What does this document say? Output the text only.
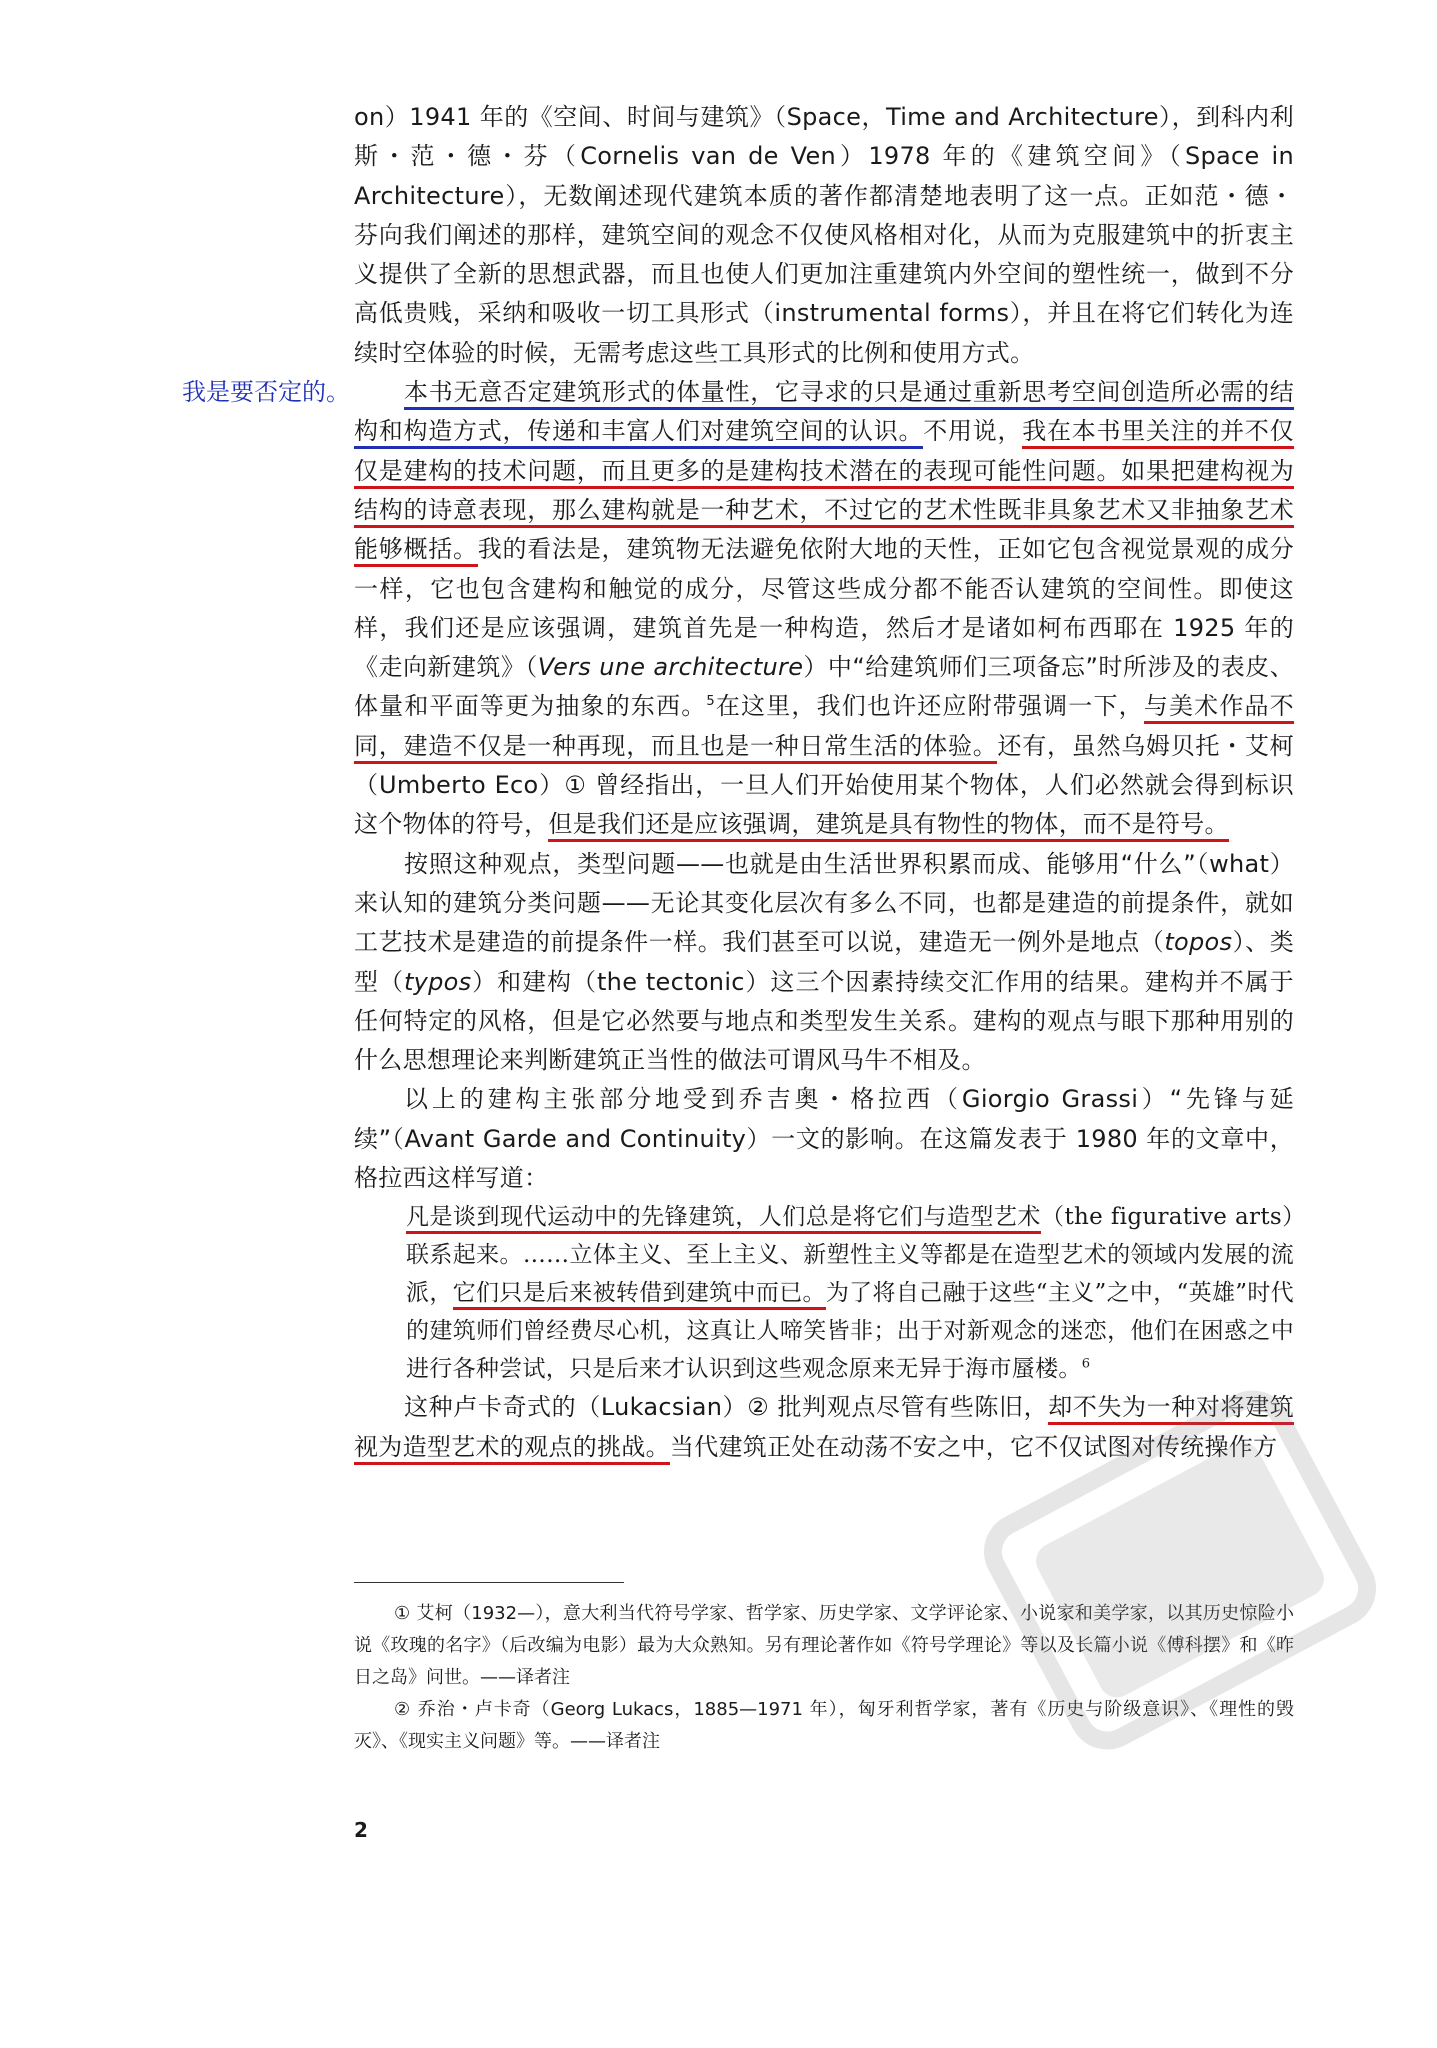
我是要否定的。

on）1941 年的《空间、时间与建筑》（Space，Time and Architecture），到科内利斯・范・德・芬（Cornelis van de Ven）1978 年的《建筑空间》（Space in Architecture），无数阐述现代建筑本质的著作都清楚地表明了这一点。正如范・德・芬向我们阐述的那样，建筑空间的观念不仅使风格相对化，从而为克服建筑中的折衷主义提供了全新的思想武器，而且也使人们更加注重建筑内外空间的塑性统一，做到不分高低贵贱，采纳和吸收一切工具形式（instrumental forms），并且在将它们转化为连续时空体验的时候，无需考虑这些工具形式的比例和使用方式。

本书无意否定建筑形式的体量性，它寻求的只是通过重新思考空间创造所必需的结构和构造方式，传递和丰富人们对建筑空间的认识。不用说，我在本书里关注的并不仅仅是建构的技术问题，而且更多的是建构技术潜在的表现可能性问题。如果把建构视为结构的诗意表现，那么建构就是一种艺术，不过它的艺术性既非具象艺术又非抽象艺术能够概括。我的看法是，建筑物无法避免依附大地的天性，正如它包含视觉景观的成分一样，它也包含建构和触觉的成分，尽管这些成分都不能否认建筑的空间性。即使这样，我们还是应该强调，建筑首先是一种构造，然后才是诸如柯布西耶在 1925 年的《走向新建筑》（Vers une architecture）中“给建筑师们三项备忘”时所涉及的表皮、体量和平面等更为抽象的东西。$^5$在这里，我们也许还应附带强调一下，与美术作品不同，建造不仅是一种再现，而且也是一种日常生活的体验。还有，虽然乌姆贝托・艾柯（Umberto Eco）① 曾经指出，一旦人们开始使用某个物体，人们必然就会得到标识这个物体的符号，但是我们还是应该强调，建筑是具有物性的物体，而不是符号。

按照这种观点，类型问题——也就是由生活世界积累而成、能够用“什么”（what）来认知的建筑分类问题——无论其变化层次有多么不同，也都是建造的前提条件，就如工艺技术是建造的前提条件一样。我们甚至可以说，建造无一例外是地点（topos）、类型（typos）和建构（the tectonic）这三个因素持续交汇作用的结果。建构并不属于任何特定的风格，但是它必然要与地点和类型发生关系。建构的观点与眼下那种用别的什么思想理论来判断建筑正当性的做法可谓风马牛不相及。

以上的建构主张部分地受到乔吉奥・格拉西（Giorgio Grassi）“先锋与延续”（Avant Garde and Continuity）一文的影响。在这篇发表于 1980 年的文章中，格拉西这样写道：

凡是谈到现代运动中的先锋建筑，人们总是将它们与造型艺术（the figurative arts）联系起来。……立体主义、至上主义、新塑性主义等都是在造型艺术的领域内发展的流派，它们只是后来被转借到建筑中而已。为了将自己融于这些“主义”之中，“英雄”时代的建筑师们曾经费尽心机，这真让人啼笑皆非；出于对新观念的迷恋，他们在困惑之中进行各种尝试，只是后来才认识到这些观念原来无异于海市蜃楼。$^6$

这种卢卡奇式的（Lukacsian）② 批判观点尽管有些陈旧，却不失为一种对将建筑视为造型艺术的观点的挑战。当代建筑正处在动荡不安之中，它不仅试图对传统操作方

① 艾柯（1932—），意大利当代符号学家、哲学家、历史学家、文学评论家、小说家和美学家，以其历史惊险小说《玫瑰的名字》（后改编为电影）最为大众熟知。另有理论著作如《符号学理论》等以及长篇小说《傅科摆》和《昨日之岛》问世。——译者注

② 乔治・卢卡奇（Georg Lukacs，1885—1971 年），匈牙利哲学家，著有《历史与阶级意识》、《理性的毁灭》、《现实主义问题》等。——译者注

2
